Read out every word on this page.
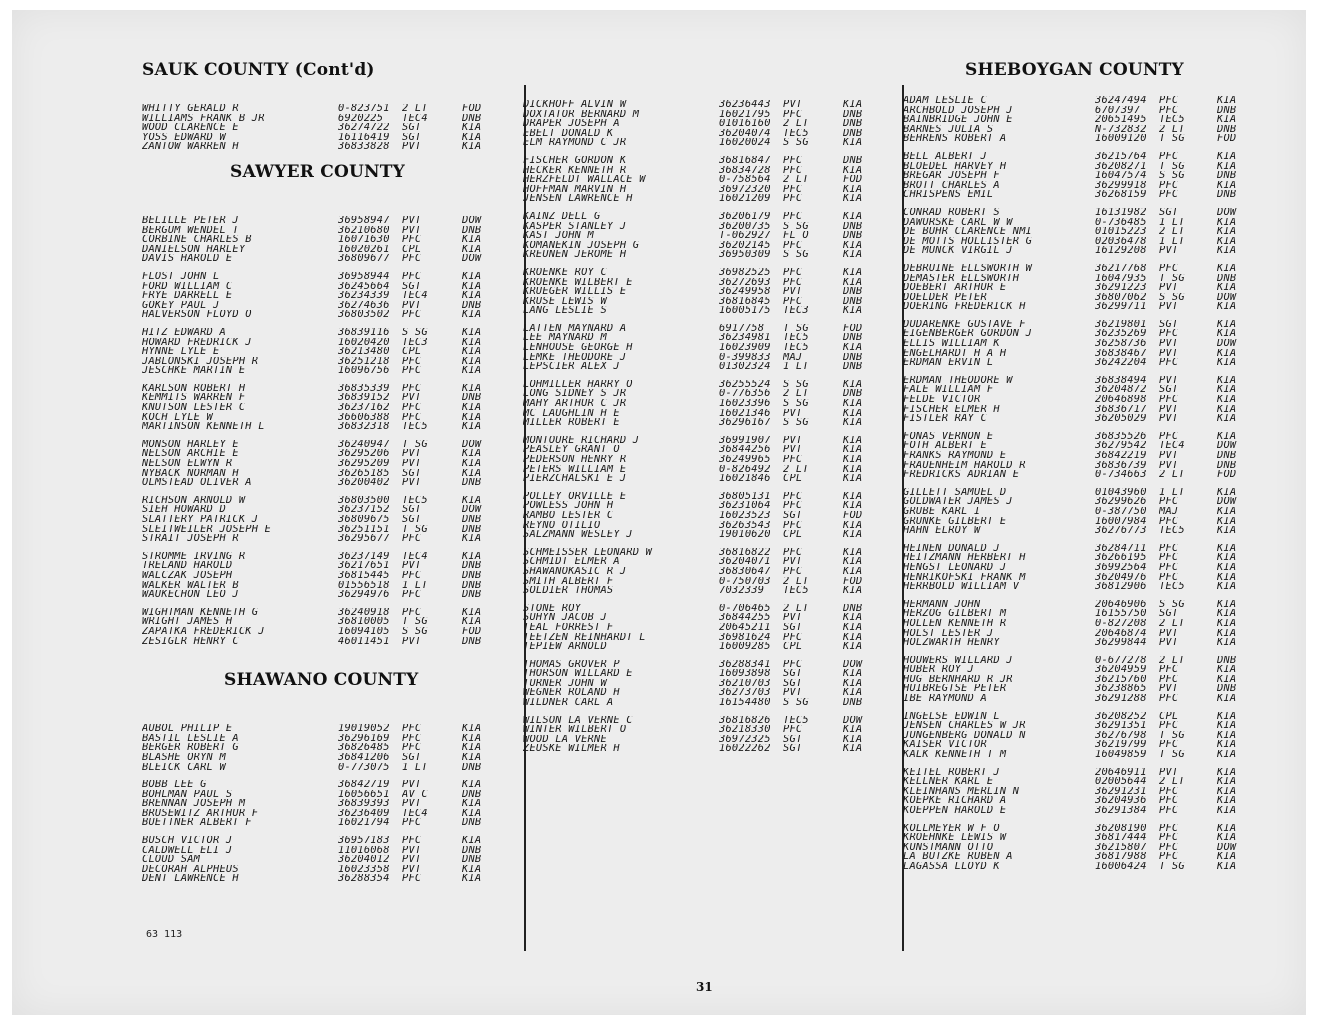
SAUK COUNTY (Cont'd)
WHITTY GERALD R	0-823751	2 LT	FOD
WILLIAMS FRANK B JR	6920225	TEC4	DNB
WOOD CLARENCE E	36274722	SGT	KIA
YOSS EDWARD W	16116419	SGT	KIA
ZANTOW WARREN H	36833828	PVT	KIA
SAWYER COUNTY
BELILLE PETER J	36958947	PVT	DOW
BERGUM WENDEL T	36210680	PVT	DNB
CORBINE CHARLES B	16071630	PFC	KIA
DANIELSON HARLEY	16020261	CPL	KIA
DAVIS HAROLD E	36809677	PFC	DOW
FLOST JOHN L	36958944	PFC	KIA
FORD WILLIAM C	36245664	SGT	KIA
FRYE DARRELL E	36234339	TEC4	KIA
GOKEY PAUL J	36274636	PVT	DNB
HALVERSON FLOYD O	36803502	PFC	KIA
HITZ EDWARD A	36839116	S SG	KIA
HOWARD FREDRICK J	16020420	TEC3	KIA
HYNNE LYLE E	36213480	CPL	KIA
JABLONSKI JOSEPH R	36251218	PFC	KIA
JESCHKE MARTIN E	16096756	PFC	KIA
KARLSON ROBERT H	36835339	PFC	KIA
KEMMITS WARREN F	36839152	PVT	DNB
KNUTSON LESTER C	36237162	PFC	KIA
KOCH LYLE W	36606388	PFC	KIA
MARTINSON KENNETH L	36832318	TEC5	KIA
MONSON HARLEY E	36240947	T SG	DOW
NELSON ARCHIE E	36295206	PVT	KIA
NELSON ELWYN R	36295209	PVT	KIA
NYBACK NORMAN H	36265185	SGT	KIA
OLMSTEAD OLIVER A	36200402	PVT	DNB
RICHSON ARNOLD W	36803500	TEC5	KIA
SIEH HOWARD D	36237152	SGT	DOW
SLATTERY PATRICK J	36809675	SGT	DNB
SLEITWEILER JOSEPH E	36251151	T SG	DNB
STRAIT JOSEPH R	36295677	PFC	KIA
STROMME IRVING R	36237149	TEC4	KIA
TRELAND HAROLD	36217651	PVT	DNB
WALCZAK JOSEPH	36815445	PFC	DNB
WALKER WALTER B	01556518	1 LT	DNB
WAUKECHON LEO J	36294976	PFC	DNB
WIGHTMAN KENNETH G	36240918	PFC	KIA
WRIGHT JAMES H	36810005	T SG	KIA
ZAPATKA FREDERICK J	16094105	S SG	FOD
ZESIGLR HENRY C	46011451	PVT	DNB
SHAWANO COUNTY
AUBOL PHILIP E	19019052	PFC	KIA
BASTIL LESLIE A	36296169	PFC	KIA
BERGER ROBERT G	36826485	PFC	KIA
BLASHE ORYN M	36841206	SGT	KIA
BLEICK CARL W	0-773075	1 LT	DNB
BOBB LEE G	36842719	PVT	KIA
BOHLMAN PAUL S	16056651	AV C	DNB
BRENNAN JOSEPH M	36839393	PVT	KIA
BRUSEWITZ ARTHUR F	36236409	TEC4	KIA
BUETTNER ALBERT F	16021794	PFC	DNB
BUSCH VICTOR J	36957183	PFC	KIA
CALDWELL ELI J	11016068	PVT	DNB
CLOUD SAM	36204012	PVT	DNB
DECORAH ALPHEUS	16023358	PVT	KIA
DENT LAWRENCE H	36288354	PFC	KIA
DICKHOFF ALVIN W	36236443	PVT	KIA
DOXTATOR BERNARD M	16021795	PFC	DNB
DRAPER JOSEPH A	01016160	2 LT	DNB
EBELT DONALD K	36204074	TEC5	DNB
ELM RAYMOND C JR	16020024	S SG	KIA
FISCHER GORDON K	36816847	PFC	DNB
HECKER KENNETH R	36834728	PFC	KIA
HERZFELDT WALLACE W	0-758564	2 LT	FOD
HOFFMAN MARVIN H	36972320	PFC	KIA
JENSEN LAWRENCE H	16021209	PFC	KIA
KAINZ DELL G	36206179	PFC	KIA
KASPER STANLEY J	36200735	S SG	DNB
KAST JOHN M	T-062927	FL O	DNB
KOMANEKIN JOSEPH G	36202145	PFC	KIA
KREUNEN JEROME H	36950309	S SG	KIA
KROENKE ROY C	36982525	PFC	KIA
KROENKE WILBERT E	36272693	PFC	KIA
KRUEGER WILLIS E	36249958	PVT	DNB
KRUSE LEWIS W	36816845	PFC	DNB
LANG LESLIE S	16005175	TEC3	KIA
LATTEN MAYNARD A	6917758	T SG	FOD
LEE MAYNARD M	36234981	TEC5	DNB
LENHOUSE GEORGE H	16023909	TEC5	KIA
LEMKE THEODORE J	0-399833	MAJ	DNB
LEPSCIER ALEX J	01302324	1 LT	DNB
LOHMILLER HARRY O	36255524	S SG	KIA
LONG SIDNEY S JR	0-776356	2 LT	DNB
MAHY ARTHUR C JR	16023396	S SG	KIA
MC LAUGHLIN H E	16021346	PVT	KIA
MILLER ROBERT E	36296167	S SG	KIA
MONTOURE RICHARD J	36991907	PVT	KIA
PEASLEY GRANT O	36844256	PVT	KIA
PEDERSON HENRY R	36249965	PFC	KIA
PETERS WILLIAM E	0-826492	2 LT	KIA
PIERZCHALSKI E J	16021846	CPL	KIA
POLLEY ORVILLE E	36805131	PFC	KIA
POWLESS JOHN H	36231064	PFC	KIA
RAMBO LESTER C	16023523	SGT	FOD
REYNO OTILIO	36263543	PFC	KIA
SALZMANN WESLEY J	19010620	CPL	KIA
SCHMEISSER LEONARD W	36816822	PFC	KIA
SCHMIDT ELMER A	36204071	PVT	KIA
SHAWANOKASIC R J	36830647	PFC	KIA
SMITH ALBERT F	0-750703	2 LT	FOD
SOLDIER THOMAS	7032339	TEC5	KIA
STONE ROY	0-706465	2 LT	DNB
SUHYN JACOB J	36844255	PVT	KIA
TEAL FORREST F	20645211	SGT	KIA
TEETZEN REINHARDT L	36981624	PFC	KIA
TEPIEW ARNOLD	16009285	CPL	KIA
THOMAS GROVER P	36288341	PFC	DOW
THORSON WILLARD E	16093898	SGT	KIA
TURNER JOHN W	36210703	SGT	KIA
WEGNER ROLAND H	36273703	PVT	KIA
WILDNER CARL A	16154480	S SG	DNB
WILSON LA VERNE C	36816826	TEC5	DOW
WINTER WILBERT O	36218330	PFC	KIA
WOOD LA VERNE	36972325	SGT	KIA
ZEUSKE WILMER H	16022262	SGT	KIA
SHEBOYGAN COUNTY
ADAM LESLIE C	36247494	PFC	KIA
ARCHBOLD JOSEPH J	6707397	PFC	DNB
BAINBRIDGE JOHN E	20651495	TEC5	KIA
BARNES JULIA S	N-732832	2 LT	DNB
BEHRENS ROBERT A	16009120	T SG	FOD
BELL ALBERT J	36215764	PFC	KIA
BLOEDEL HARVEY H	36208271	T SG	KIA
BREGAR JOSEPH F	16047574	S SG	DNB
BROTT CHARLES A	36299918	PFC	KIA
CHRISPENS EMIL	36268159	PFC	DNB
CONRAD ROBERT S	16131982	SGT	DOW
DAWURSKE CARL W W	0-736485	1 LT	KIA
DE BUHR CLARENCE NMI	01015223	2 LT	KIA
DE MOTTS HOLLISTER G	02036478	1 LT	KIA
DE MUNCK VIRGIL J	16129208	PVT	KIA
DEBRUINE ELLSWORTH W	36217768	PFC	KIA
DEMASTER ELLSWORTH	16047935	T SG	DNB
DOEBERT ARTHUR E	36291223	PVT	KIA
DOELDER PETER	36807062	S SG	DOW
DOERING FREDERICK H	36299711	PVT	KIA
DUDARENKE GUSTAVE F	36219801	SGT	KIA
EIGENBERGER GORDON J	36235269	PFC	KIA
ELLIS WILLIAM K	36258736	PVT	DOW
ENGELHARDT H A H	36838467	PVT	KIA
ERDMAN ERVIN L	36242204	PFC	KIA
ERDMAN THEODORE W	36838494	PVT	KIA
FALE WILLIAM F	36204872	SGT	KIA
FELDE VICTOR	20646898	PFC	KIA
FISCHER ELMER H	36836717	PVT	KIA
FISTLER RAY C	36205029	PVT	KIA
FONAS VERNON E	36835526	PFC	KIA
FOTH ALBERT E	36279542	TEC4	DOW
FRANKS RAYMOND E	36842219	PVT	DNB
FRAUENHEIM HAROLD R	36836739	PVT	DNB
FREDRICKS ADRIAN E	0-734663	2 LT	FOD
GILLETT SAMUEL D	01043960	1 LT	KIA
GOLDWATER JAMES J	36299626	PFC	DOW
GRUBE KARL I	0-387750	MAJ	KIA
GRUNKE GILBERT E	16007984	PFC	KIA
HAHN ELROY W	36276773	TEC5	KIA
HEINEN DONALD J	36284711	PFC	KIA
HEITZMANN HERBERT H	36266195	PFC	KIA
HENGST LEONARD J	36992564	PFC	KIA
HENRIKOFSKI FRANK M	36204976	PFC	KIA
HERRBOLD WILLIAM V	36812906	TEC5	KIA
HERMANN JOHN	20646906	S SG	KIA
HERZOG GILBERT M	16155750	SGT	KIA
HOLLEN KENNETH R	0-827208	2 LT	KIA
HOLST LESTER J	20646874	PVT	KIA
HOLZWARTH HENRY	36299844	PVT	KIA
HOUWERS WILLARD J	0-677278	2 LT	DNB
HUBER ROY J	36204959	PFC	KIA
HUG BERNHARD R JR	36215760	PFC	KIA
HUIBREGTSE PETER	36238865	PVT	DNB
IBE RAYMOND A	36291288	PFC	KIA
INGELSE EDWIN L	36208252	CPL	KIA
JENSEN CHARLES W JR	36291351	PFC	KIA
JUNGENBERG DONALD N	36276798	T SG	KIA
KAISER VICTOR	36219799	PFC	KIA
KALK KENNETH T M	16049859	T SG	KIA
KEITEL ROBERT J	20646911	PVT	KIA
KELLNER KARL E	02005644	2 LT	KIA
KLEINHANS MERLIN N	36291231	PFC	KIA
KOEPKE RICHARD A	36204936	PFC	KIA
KOEPPEN HAROLD E	36291384	PFC	KIA
KOLLMEYER W F O	36208190	PFC	KIA
KROEHNKE LEWIS W	36817444	PFC	KIA
KUNSTMANN OTTO	36215807	PFC	DOW
LA BUTZKE RUBEN A	36817988	PFC	KIA
LAGASSA LLOYD K	16006424	T SG	KIA
63 113
31
